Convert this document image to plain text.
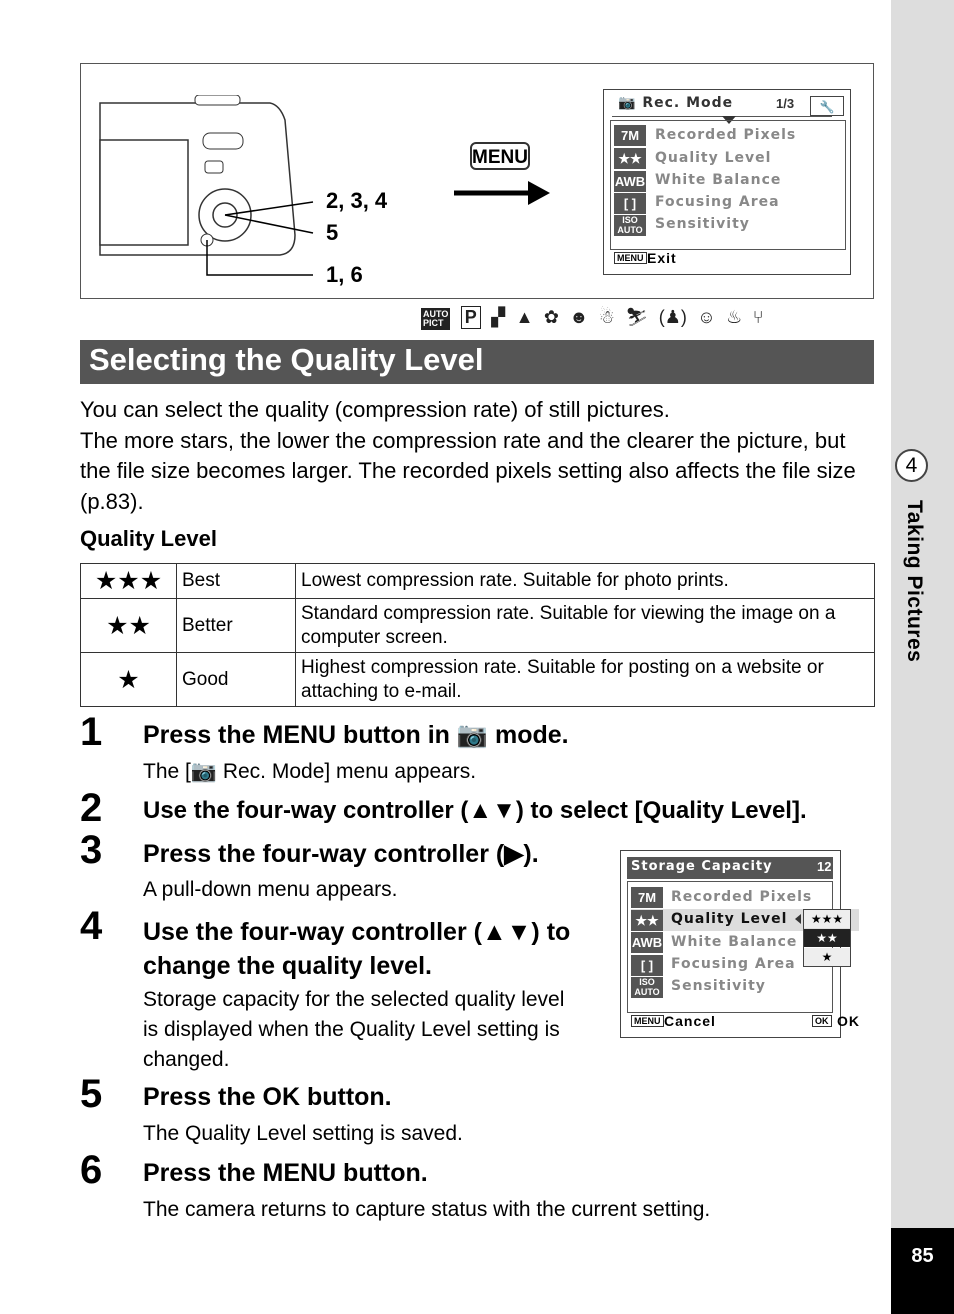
2, 3, 4
5
1, 6
MENU
📷 Rec. Mode	1/3	🔧
7M	Recorded Pixels
★★ Quality Level
AWB White Balance
[ ]	Focusing Area
ISO AUTO Sensitivity
MENU Exit
AUTO
PICT P ▞ ▲ ✿ ☻ ☃ ⛷ (♟) ☺ ♨ ⑂
Selecting the Quality Level
You can select the quality (compression rate) of still pictures.
The more stars, the lower the compression rate and the clearer the picture, but the file size becomes larger. The recorded pixels setting also affects the file size (p.83).
Quality Level
★★★	Best	Lowest compression rate. Suitable for photo prints.
★★	Better	Standard compression rate. Suitable for viewing the image on a computer screen.
★	Good	Highest compression rate. Suitable for posting on a website or attaching to e-mail.
1 Press the MENU button in 📷 mode.
The [📷 Rec. Mode] menu appears.
2 Use the four-way controller (▲▼) to select [Quality Level].
3 Press the four-way controller (▶).
A pull-down menu appears.
4 Use the four-way controller (▲▼) to change the quality level.
Storage capacity for the selected quality level is displayed when the Quality Level setting is changed.
5 Press the OK button.
The Quality Level setting is saved.
6 Press the MENU button.
The camera returns to capture status with the current setting.
Storage Capacity	12
7M	Recorded Pixels
★★ Quality Level
AWB White Balance
[ ]	Focusing Area
ISO AUTO Sensitivity
★★★
★★
★
MENU Cancel	OK OK
4
Taking Pictures
85
